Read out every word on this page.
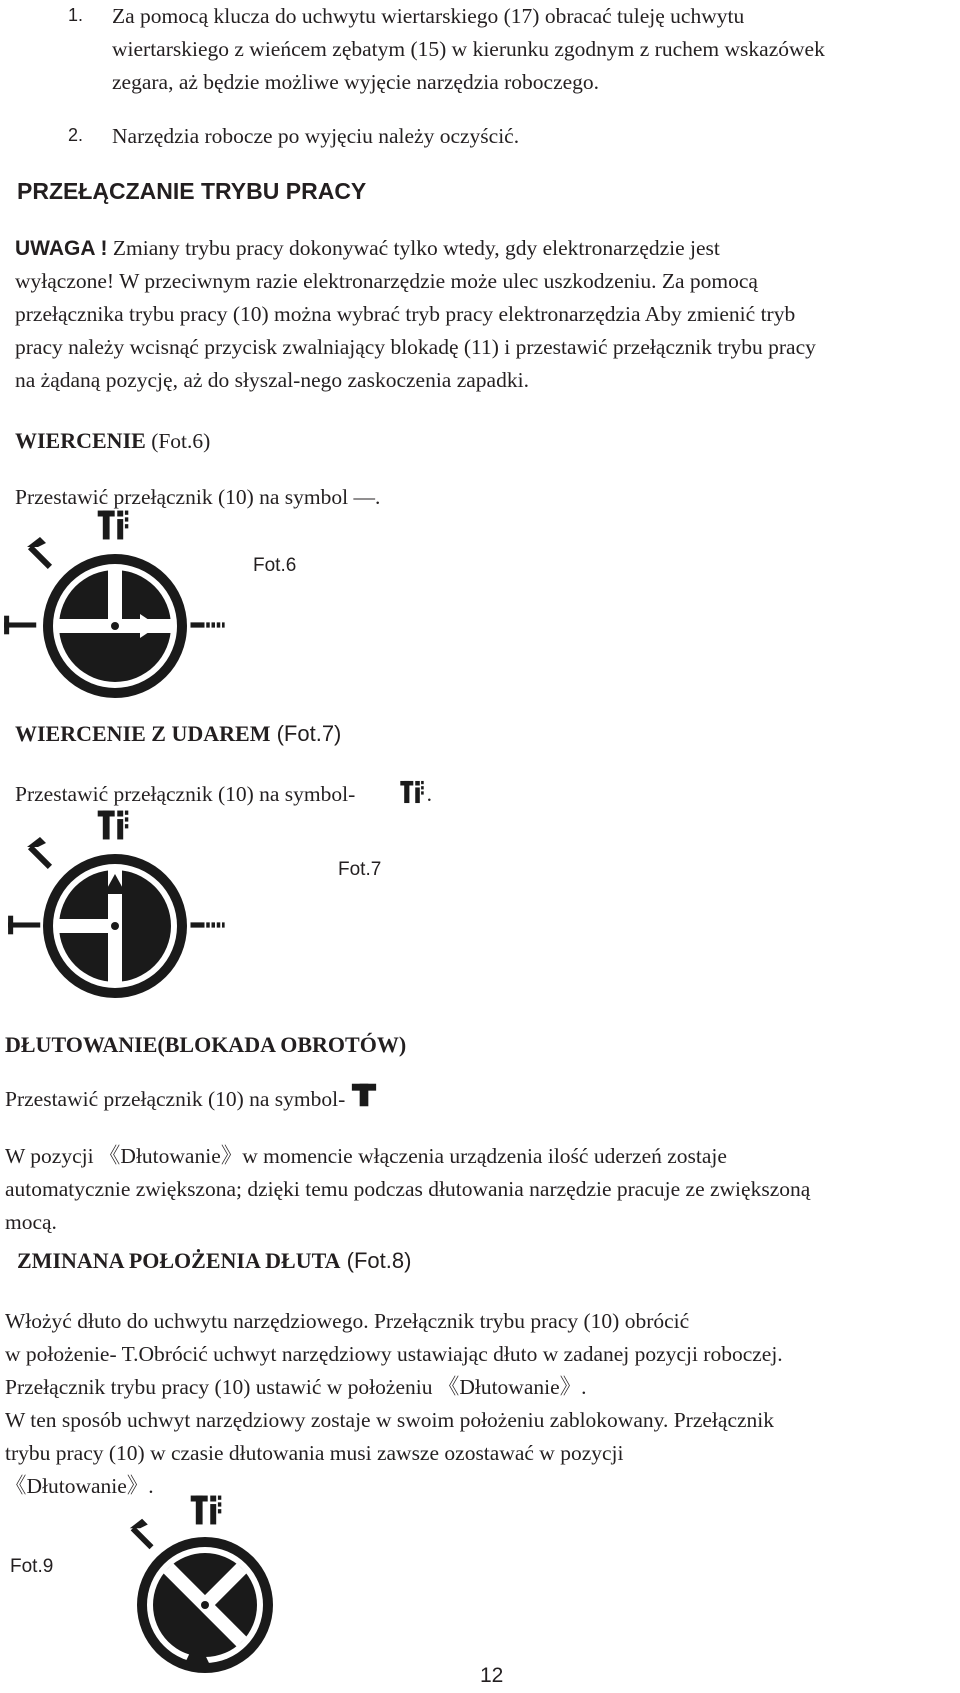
1. Za pomocą klucza do uchwytu wiertarskiego (17) obracać tuleję uchwytu
wiertarskiego z wieńcem zębatym (15) w kierunku zgodnym z ruchem wskazówek
zegara, aż będzie możliwe wyjęcie narzędzia roboczego.
2. Narzędzia robocze po wyjęciu należy oczyścić.
PRZEŁĄCZANIE TRYBU PRACY
UWAGA ! Zmiany trybu pracy dokonywać tylko wtedy, gdy elektronarzędzie jest
wyłączone! W przeciwnym razie elektronarzędzie może ulec uszkodzeniu. Za pomocą
przełącznika trybu pracy (10) można wybrać tryb pracy elektronarzędzia Aby zmienić tryb
pracy należy wcisnąć przycisk zwalniający blokadę (11) i przestawić przełącznik trybu pracy
na żądaną pozycję, aż do słyszal-nego zaskoczenia zapadki.
WIERCENIE (Fot.6)
Przestawić przełącznik (10) na symbol —.
Fot.6
WIERCENIE Z UDAREM (Fot.7)
Przestawić przełącznik (10) na symbol-	.
Fot.7
DŁUTOWANIE(BLOKADA OBROTÓW)
Przestawić przełącznik (10) na symbol-
W pozycji 《Dłutowanie》w momencie włączenia urządzenia ilość uderzeń zostaje
automatycznie zwiększona; dzięki temu podczas dłutowania narzędzie pracuje ze zwiększoną
mocą.
ZMINANA POŁOŻENIA DŁUTA (Fot.8)
Włożyć dłuto do uchwytu narzędziowego. Przełącznik trybu pracy (10) obrócić
w położenie- T.Obrócić uchwyt narzędziowy ustawiając dłuto w zadanej pozycji roboczej.
Przełącznik trybu pracy (10) ustawić w położeniu 《Dłutowanie》.
W ten sposób uchwyt narzędziowy zostaje w swoim położeniu zablokowany. Przełącznik
trybu pracy (10) w czasie dłutowania musi zawsze ozostawać w pozycji
《Dłutowanie》.
Fot.9
12
